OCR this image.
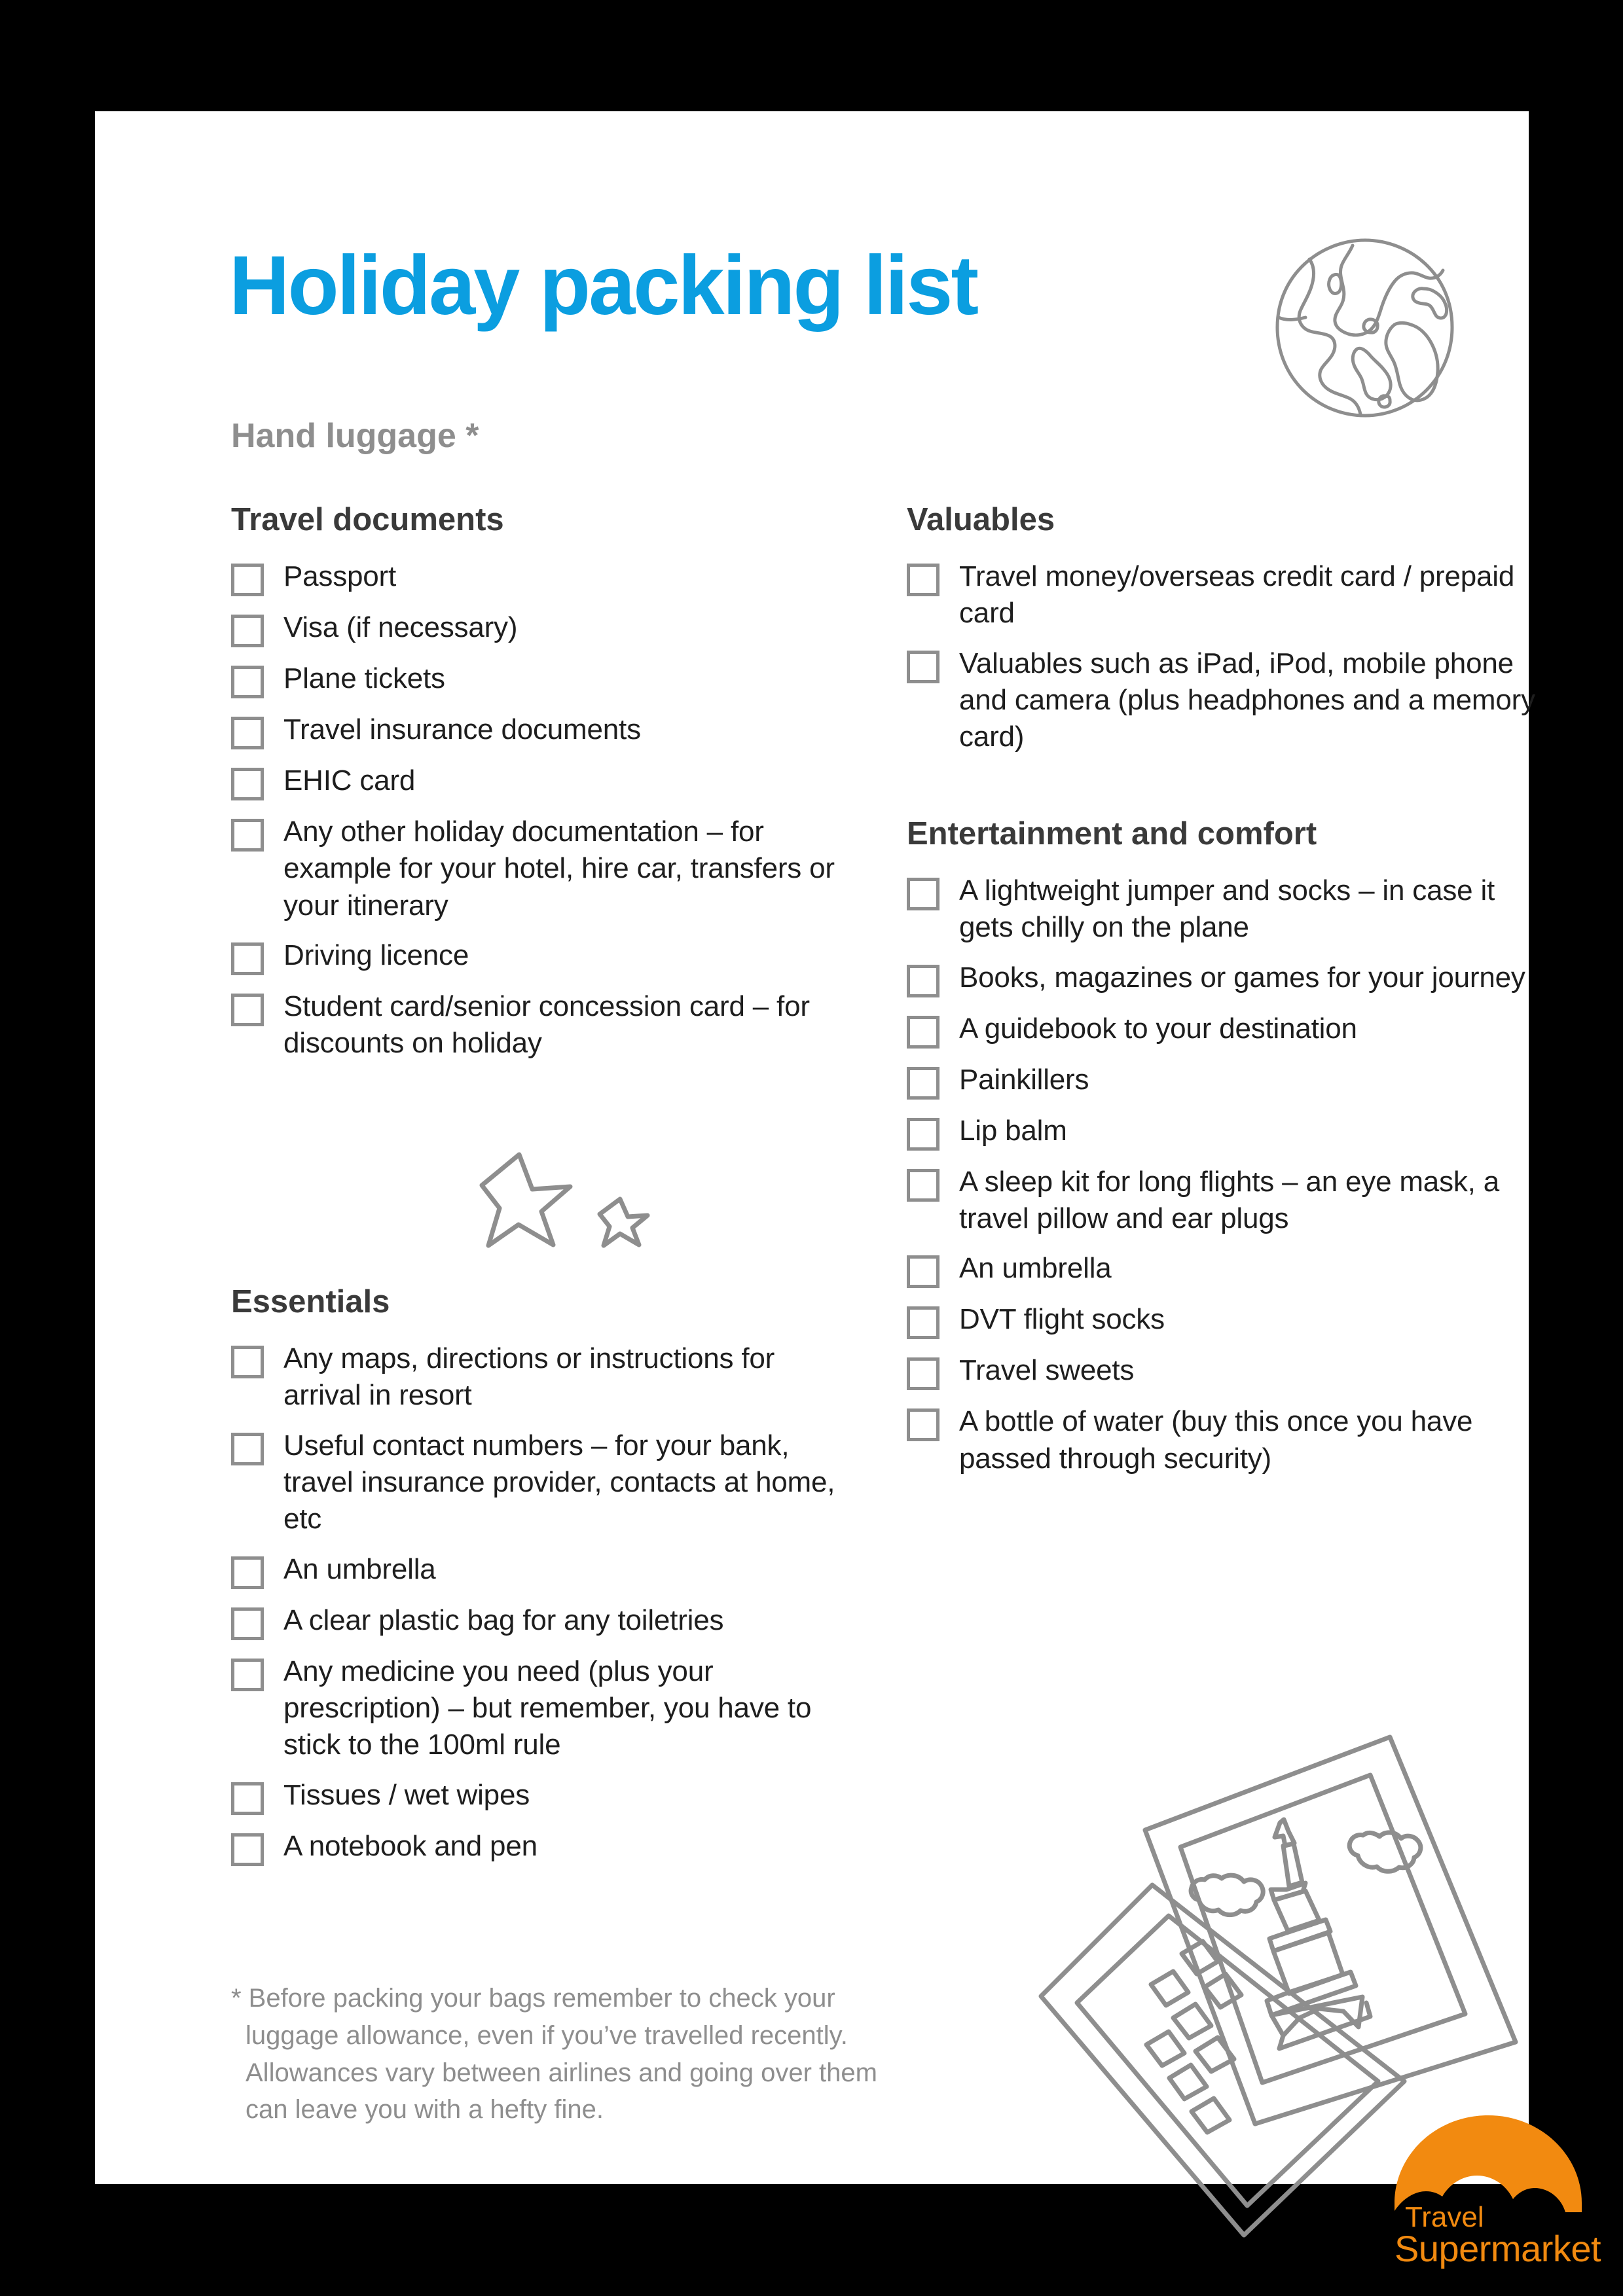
Holiday packing list
Hand luggage *
Travel documents
Passport
Visa (if necessary)
Plane tickets
Travel insurance documents
EHIC card
Any other holiday documentation – for example for your hotel, hire car, transfers or your itinerary
Driving licence
Student card/senior concession card – for discounts on holiday
Essentials
Any maps, directions or instructions for arrival in resort
Useful contact numbers – for your bank, travel insurance provider, contacts at home, etc
An umbrella
A clear plastic bag for any toiletries
Any medicine you need (plus your prescription) – but remember, you have to stick to the 100ml rule
Tissues / wet wipes
A notebook and pen
Valuables
Travel money/overseas credit card / prepaid card
Valuables such as iPad, iPod, mobile phone and camera (plus headphones and a memory card)
Entertainment and comfort
A lightweight jumper and socks – in case it gets chilly on the plane
Books, magazines or games for your journey
A guidebook to your destination
Painkillers
Lip balm
A sleep kit for long flights – an eye mask, a travel pillow and ear plugs
An umbrella
DVT flight socks
Travel sweets
A bottle of water (buy this once you have passed through security)
* Before packing your bags remember to check your luggage allowance, even if you’ve travelled recently. Allowances vary between airlines and going over them can leave you with a hefty fine.
Travel
Supermarket
